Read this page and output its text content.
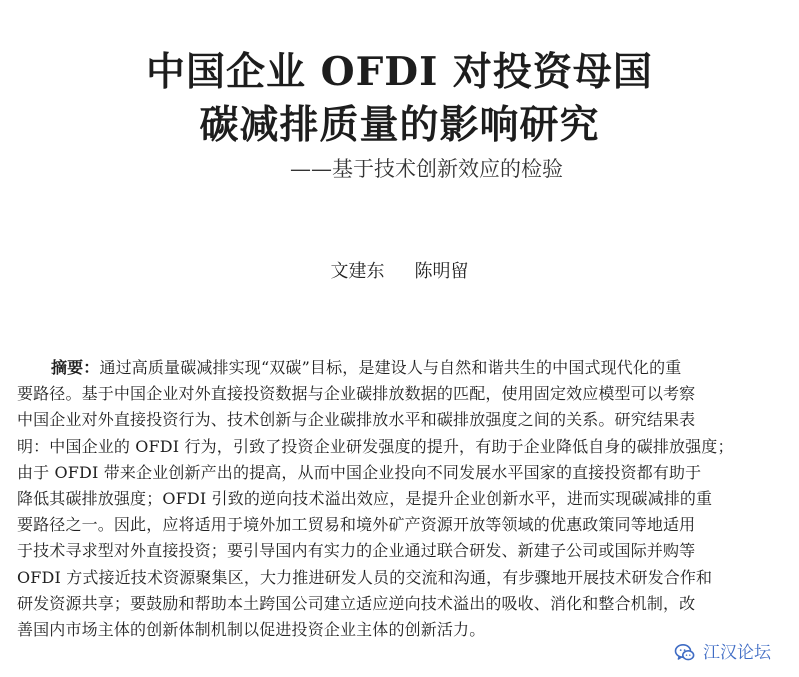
中国企业 OFDI 对投资母国
碳减排质量的影响研究
——基于技术创新效应的检验
文建东 陈明留
摘要：通过高质量碳减排实现“双碳”目标，是建设人与自然和谐共生的中国式现代化的重
要路径。基于中国企业对外直接投资数据与企业碳排放数据的匹配，使用固定效应模型可以考察
中国企业对外直接投资行为、技术创新与企业碳排放水平和碳排放强度之间的关系。研究结果表
明：中国企业的 OFDI 行为，引致了投资企业研发强度的提升，有助于企业降低自身的碳排放强度；
由于 OFDI 带来企业创新产出的提高，从而中国企业投向不同发展水平国家的直接投资都有助于
降低其碳排放强度；OFDI 引致的逆向技术溢出效应，是提升企业创新水平，进而实现碳减排的重
要路径之一。因此，应将适用于境外加工贸易和境外矿产资源开放等领域的优惠政策同等地适用
于技术寻求型对外直接投资；要引导国内有实力的企业通过联合研发、新建子公司或国际并购等
OFDI 方式接近技术资源聚集区，大力推进研发人员的交流和沟通，有步骤地开展技术研发合作和
研发资源共享；要鼓励和帮助本土跨国公司建立适应逆向技术溢出的吸收、消化和整合机制，改
善国内市场主体的创新体制机制以促进投资企业主体的创新活力。
江汉论坛
